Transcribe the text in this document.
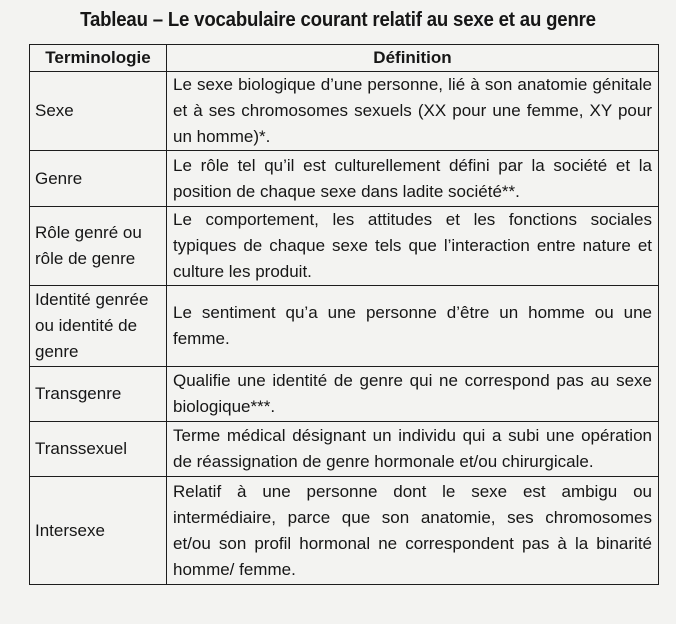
Tableau – Le vocabulaire courant relatif au sexe et au genre
Terminologie	Définition
Sexe	Le sexe biologique d’une personne, lié à son anatomie génitale et à ses chromosomes sexuels (XX pour une femme, XY pour un homme)*.
Genre	Le rôle tel qu’il est culturellement défini par la société et la position de chaque sexe dans ladite société**.
Rôle genré ou rôle de genre	Le comportement, les attitudes et les fonctions sociales typiques de chaque sexe tels que l’interaction entre nature et culture les produit.
Identité genrée ou identité de genre	Le sentiment qu’a une personne d’être un homme ou une femme.
Transgenre	Qualifie une identité de genre qui ne correspond pas au sexe biologique***.
Transsexuel	Terme médical désignant un individu qui a subi une opération de réassignation de genre hormonale et/ou chirurgicale.
Intersexe	Relatif à une personne dont le sexe est ambigu ou intermédiaire, parce que son anatomie, ses chromosomes et/ou son profil hormonal ne correspondent pas à la binarité homme/ femme.
